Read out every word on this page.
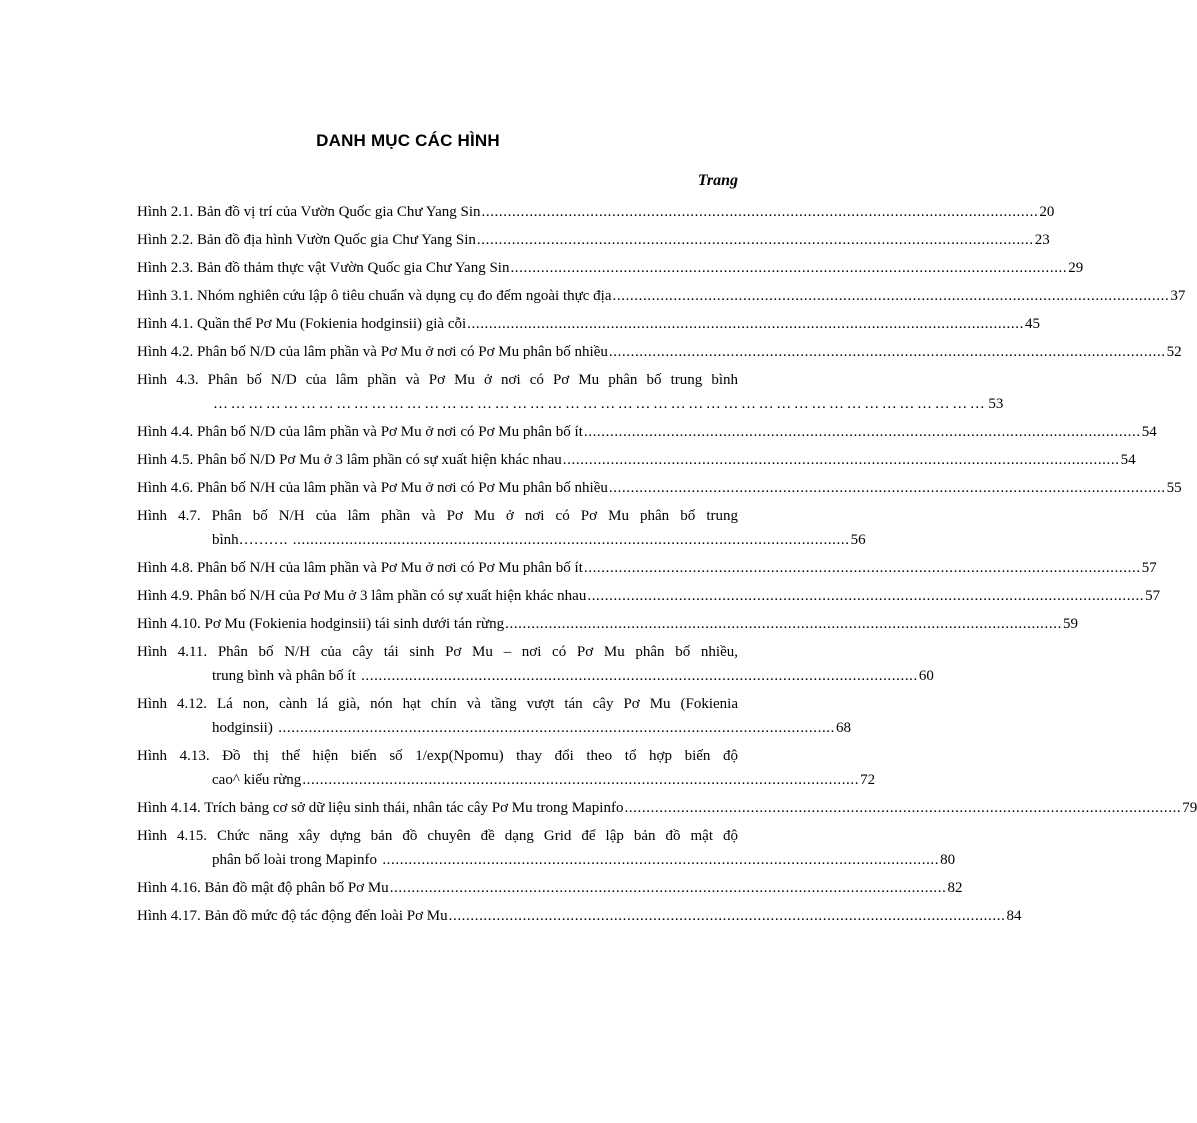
DANH MỤC CÁC HÌNH
Trang
Hình 2.1. Bản đồ vị trí của Vườn Quốc gia Chư Yang Sin ................................................................................................................................ 20
Hình 2.2. Bản đồ địa hình Vườn Quốc gia Chư Yang Sin ................................................................................................................................ 23
Hình 2.3. Bản đồ thảm thực vật Vườn Quốc gia Chư Yang Sin ................................................................................................................................ 29
Hình 3.1. Nhóm nghiên cứu lập ô tiêu chuẩn và dụng cụ đo đếm ngoài thực địa ................................................................................................................................ 37
Hình 4.1. Quần thể Pơ Mu (Fokienia hodginsii) già cỗi ................................................................................................................................ 45
Hình 4.2. Phân bố N/D của lâm phần và Pơ Mu ở nơi có Pơ Mu phân bố nhiều ................................................................................................................................ 52
Hình 4.3. Phân bố N/D của lâm phần và Pơ Mu ở nơi có Pơ Mu phân bố trung bình
…………………………………………………………………………………………………………………… 53
Hình 4.4. Phân bố N/D của lâm phần và Pơ Mu ở nơi có Pơ Mu phân bố ít ................................................................................................................................ 54
Hình 4.5. Phân bố N/D Pơ Mu ở 3 lâm phần có sự xuất hiện khác nhau ................................................................................................................................ 54
Hình 4.6. Phân bố N/H của lâm phần và Pơ Mu ở nơi có Pơ Mu phân bố nhiều ................................................................................................................................ 55
Hình 4.7. Phân bố N/H của lâm phần và Pơ Mu ở nơi có Pơ Mu phân bố trung
bình………. ................................................................................................................................ 56
Hình 4.8. Phân bố N/H của lâm phần và Pơ Mu ở nơi có Pơ Mu phân bố ít ................................................................................................................................ 57
Hình 4.9. Phân bố N/H của Pơ Mu ở 3 lâm phần có sự xuất hiện khác nhau ................................................................................................................................ 57
Hình 4.10. Pơ Mu (Fokienia hodginsii) tái sinh dưới tán rừng ................................................................................................................................ 59
Hình 4.11. Phân bố N/H của cây tái sinh Pơ Mu – nơi có Pơ Mu phân bố nhiều,
trung bình và phân bố ít ................................................................................................................................ 60
Hình 4.12. Lá non, cành lá già, nón hạt chín và tầng vượt tán cây Pơ Mu (Fokienia
hodginsii) ................................................................................................................................ 68
Hình 4.13. Đồ thị thể hiện biến số 1/exp(Npomu) thay đổi theo tổ hợp biến độ
cao^ kiểu rừng ................................................................................................................................ 72
Hình 4.14. Trích bảng cơ sở dữ liệu sinh thái, nhân tác cây Pơ Mu trong Mapinfo ................................................................................................................................ 79
Hình 4.15. Chức năng xây dựng bản đồ chuyên đề dạng Grid để lập bản đồ mật độ
phân bố loài trong Mapinfo ................................................................................................................................ 80
Hình 4.16. Bản đồ mật độ phân bố Pơ Mu ................................................................................................................................ 82
Hình 4.17. Bản đồ mức độ tác động đến loài Pơ Mu ................................................................................................................................ 84
